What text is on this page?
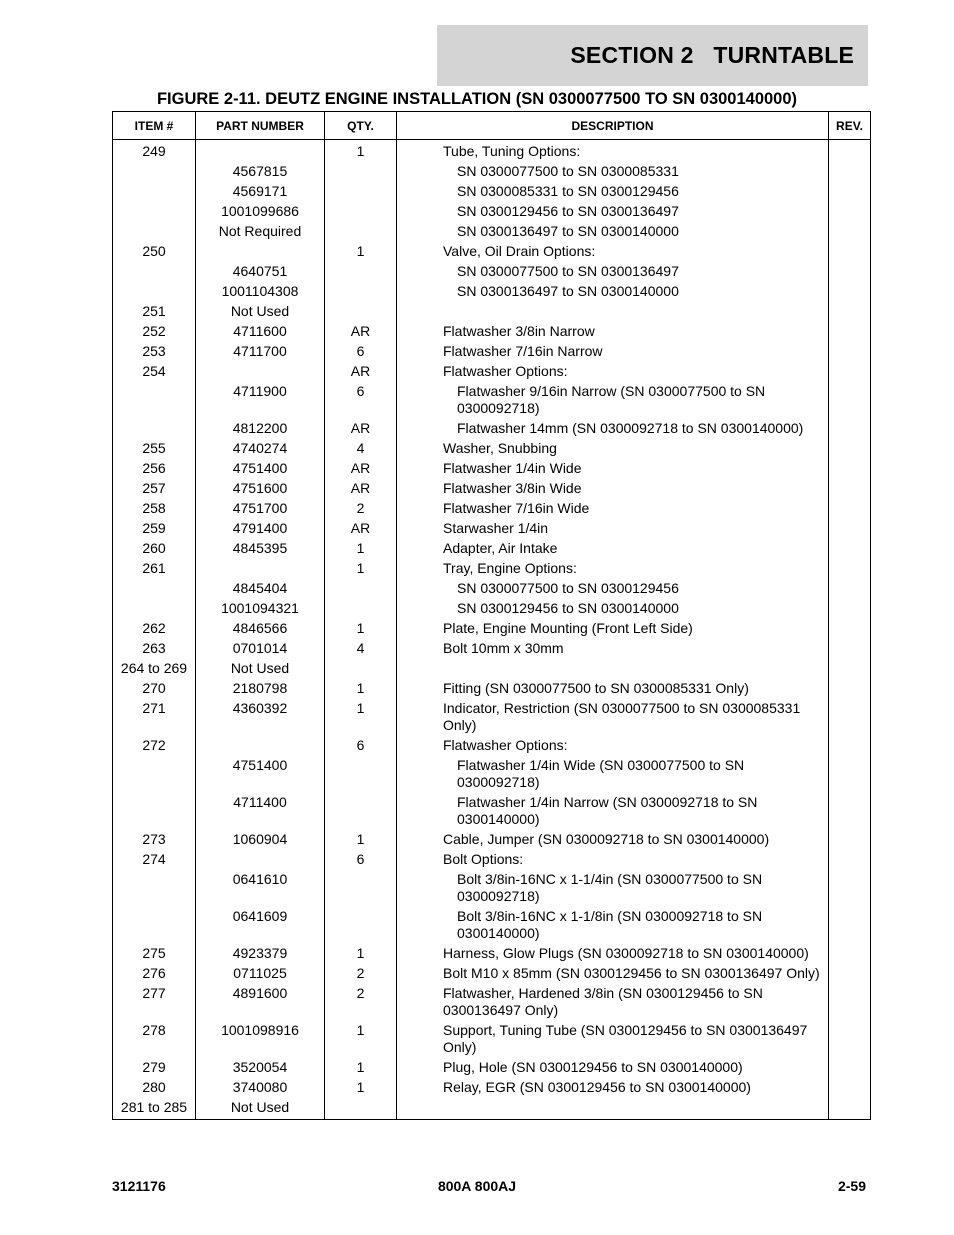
SECTION 2   TURNTABLE
FIGURE 2-11. DEUTZ ENGINE INSTALLATION (SN 0300077500 TO SN 0300140000)
ITEM #	PART NUMBER	QTY.	DESCRIPTION	REV.
249		1	Tube, Tuning Options:	
	4567815		SN 0300077500 to SN 0300085331	
	4569171		SN 0300085331 to SN 0300129456	
	1001099686		SN 0300129456 to SN 0300136497	
	Not Required		SN 0300136497 to SN 0300140000	
250		1	Valve, Oil Drain Options:	
	4640751		SN 0300077500 to SN 0300136497	
	1001104308		SN 0300136497 to SN 0300140000	
251	Not Used			
252	4711600	AR	Flatwasher 3/8in Narrow	
253	4711700	6	Flatwasher 7/16in Narrow	
254		AR	Flatwasher Options:	
	4711900	6	Flatwasher 9/16in Narrow (SN 0300077500 to SN 0300092718)	
	4812200	AR	Flatwasher 14mm (SN 0300092718 to SN 0300140000)	
255	4740274	4	Washer, Snubbing	
256	4751400	AR	Flatwasher 1/4in Wide	
257	4751600	AR	Flatwasher 3/8in Wide	
258	4751700	2	Flatwasher 7/16in Wide	
259	4791400	AR	Starwasher 1/4in	
260	4845395	1	Adapter, Air Intake	
261		1	Tray, Engine Options:	
	4845404		SN 0300077500 to SN 0300129456	
	1001094321		SN 0300129456 to SN 0300140000	
262	4846566	1	Plate, Engine Mounting (Front Left Side)	
263	0701014	4	Bolt 10mm x 30mm	
264 to 269	Not Used			
270	2180798	1	Fitting (SN 0300077500 to SN 0300085331 Only)	
271	4360392	1	Indicator, Restriction (SN 0300077500 to SN 0300085331 Only)	
272		6	Flatwasher Options:	
	4751400		Flatwasher 1/4in Wide (SN 0300077500 to SN 0300092718)	
	4711400		Flatwasher 1/4in Narrow (SN 0300092718 to SN 0300140000)	
273	1060904	1	Cable, Jumper (SN 0300092718 to SN 0300140000)	
274		6	Bolt Options:	
	0641610		Bolt 3/8in-16NC x 1-1/4in (SN 0300077500 to SN 0300092718)	
	0641609		Bolt 3/8in-16NC x 1-1/8in (SN 0300092718 to SN 0300140000)	
275	4923379	1	Harness, Glow Plugs (SN 0300092718 to SN 0300140000)	
276	0711025	2	Bolt M10 x 85mm (SN 0300129456 to SN 0300136497 Only)	
277	4891600	2	Flatwasher, Hardened 3/8in (SN 0300129456 to SN 0300136497 Only)	
278	1001098916	1	Support, Tuning Tube (SN 0300129456 to SN 0300136497 Only)	
279	3520054	1	Plug, Hole (SN 0300129456 to SN 0300140000)	
280	3740080	1	Relay, EGR (SN 0300129456 to SN 0300140000)	
281 to 285	Not Used			
3121176	800A 800AJ	2-59
